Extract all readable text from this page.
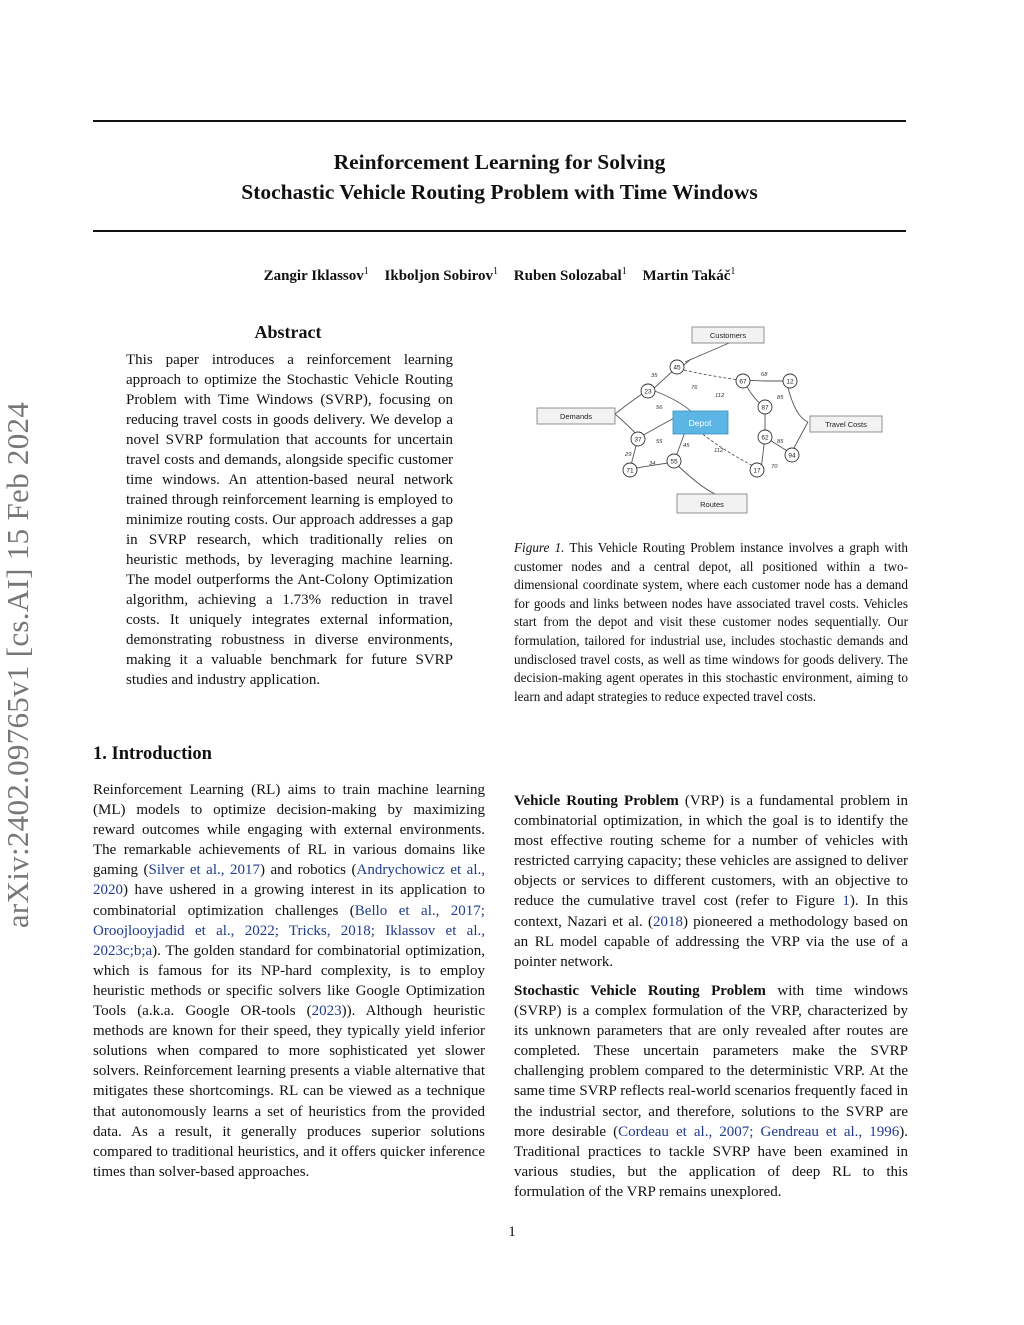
Reinforcement Learning for Solving
Stochastic Vehicle Routing Problem with Time Windows
Zangir Iklassov$^1$ Ikboljon Sobirov$^1$ Ruben Solozabal$^1$ Martin Takáč$^1$
arXiv:2402.09765v1 [cs.AI] 15 Feb 2024
Abstract
This paper introduces a reinforcement learning approach to optimize the Stochastic Vehicle Routing Problem with Time Windows (SVRP), focusing on reducing travel costs in goods delivery. We develop a novel SVRP formulation that accounts for uncertain travel costs and demands, alongside specific customer time windows. An attention-based neural network trained through reinforcement learning is employed to minimize routing costs. Our approach addresses a gap in SVRP research, which traditionally relies on heuristic methods, by leveraging machine learning. The model outperforms the Ant-Colony Optimization algorithm, achieving a 1.73% reduction in travel costs. It uniquely integrates external information, demonstrating robustness in diverse environments, making it a valuable benchmark for future SVRP studies and industry application.
1. Introduction

Reinforcement Learning (RL) aims to train machine learning (ML) models to optimize decision-making by maximizing reward outcomes while engaging with external environments. The remarkable achievements of RL in various domains like gaming (Silver et al., 2017) and robotics (Andrychowicz et al., 2020) have ushered in a growing interest in its application to combinatorial optimization challenges (Bello et al., 2017; Oroojlooyjadid et al., 2022; Tricks, 2018; Iklassov et al., 2023c;b;a). The golden standard for combinatorial optimization, which is famous for its NP-hard complexity, is to employ heuristic methods or specific solvers like Google Optimization Tools (a.k.a. Google OR-tools (2023)). Although heuristic methods are known for their speed, they typically yield inferior solutions when compared to more sophisticated yet slower solvers. Reinforcement learning presents a viable alternative that mitigates these shortcomings. RL can be viewed as a technique that autonomously learns a set of heuristics from the provided data. As a result, it generally produces superior solutions compared to traditional heuristics, and it offers quicker inference times than solver-based approaches.

Customers
Demands
Travel Costs
Routes
Depot
45
23
37
71
55
67	12
87
62
94
17
35
76
56
112
68
85
55
45
29
34
112
85
70
Figure 1. This Vehicle Routing Problem instance involves a graph with customer nodes and a central depot, all positioned within a two-dimensional coordinate system, where each customer node has a demand for goods and links between nodes have associated travel costs. Vehicles start from the depot and visit these customer nodes sequentially. Our formulation, tailored for industrial use, includes stochastic demands and undisclosed travel costs, as well as time windows for goods delivery. The decision-making agent operates in this stochastic environment, aiming to learn and adapt strategies to reduce expected travel costs.

Vehicle Routing Problem (VRP) is a fundamental problem in combinatorial optimization, in which the goal is to identify the most effective routing scheme for a number of vehicles with restricted carrying capacity; these vehicles are assigned to deliver objects or services to different customers, with an objective to reduce the cumulative travel cost (refer to Figure 1). In this context, Nazari et al. (2018) pioneered a methodology based on an RL model capable of addressing the VRP via the use of a pointer network.

Stochastic Vehicle Routing Problem with time windows (SVRP) is a complex formulation of the VRP, characterized by its unknown parameters that are only revealed after routes are completed. These uncertain parameters make the SVRP challenging problem compared to the deterministic VRP. At the same time SVRP reflects real-world scenarios frequently faced in the industrial sector, and therefore, solutions to the SVRP are more desirable (Cordeau et al., 2007; Gendreau et al., 1996). Traditional practices to tackle SVRP have been examined in various studies, but the application of deep RL to this formulation of the VRP remains unexplored.

1
